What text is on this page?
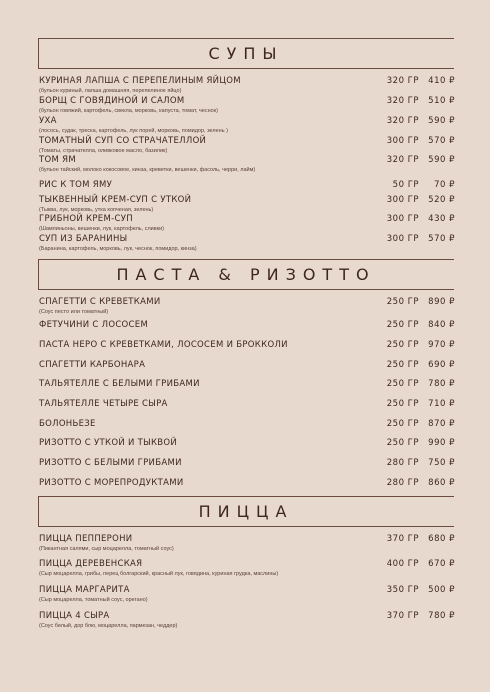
СУПЫ
КУРИНАЯ ЛАПША С ПЕРЕПЕЛИНЫМ ЯЙЦОМ	320 ГР	410 ₽
(бульон куриный, лапша домашняя, перепелиное яйцо)
БОРЩ С ГОВЯДИНОЙ И САЛОМ	320 ГР	510 ₽
(бульон говяжий, картофель, свекла, морковь, капуста, томат, чеснок)
УХА	320 ГР	590 ₽
(лосось, судак, треска, картофель, лук порей, морковь, помидор, зелень )
ТОМАТНЫЙ СУП СО СТРАЧАТЕЛЛОЙ	300 ГР	570 ₽
(Томаты, страчателла, оливковое масло, базилик)
ТОМ ЯМ	320 ГР	590 ₽
(бульон тайский, молоко кокосовое, кинза, креветки, вешенки, фасоль, черри, лайм)
РИС К ТОМ ЯМУ	50 ГР	70 ₽
ТЫКВЕННЫЙ КРЕМ-СУП С УТКОЙ	300 ГР	520 ₽
(Тыква, лук, морковь, утка копченая, зелень)
ГРИБНОЙ КРЕМ-СУП	300 ГР	430 ₽
(Шампиньоны, вешенки, лук, картофель, сливки)
СУП ИЗ БАРАНИНЫ	300 ГР	570 ₽
(Баранина, картофель, морковь, лук, чеснок, помидор, кинза)
ПАСТА & РИЗОТТО
СПАГЕТТИ С КРЕВЕТКАМИ	250 ГР	890 ₽
(Соус песто или томатный)
ФЕТУЧИНИ С ЛОСОСЕМ	250 ГР	840 ₽
ПАСТА НЕРО С КРЕВЕТКАМИ, ЛОСОСЕМ И БРОККОЛИ	250 ГР	970 ₽
СПАГЕТТИ КАРБОНАРА	250 ГР	690 ₽
ТАЛЬЯТЕЛЛЕ С БЕЛЫМИ ГРИБАМИ	250 ГР	780 ₽
ТАЛЬЯТЕЛЛЕ ЧЕТЫРЕ СЫРА	250 ГР	710 ₽
БОЛОНЬЕЗЕ	250 ГР	870 ₽
РИЗОТТО С УТКОЙ И ТЫКВОЙ	250 ГР	990 ₽
РИЗОТТО С БЕЛЫМИ ГРИБАМИ	280 ГР	750 ₽
РИЗОТТО С МОРЕПРОДУКТАМИ	280 ГР	860 ₽
ПИЦЦА
ПИЦЦА ПЕППЕРОНИ	370 ГР	680 ₽
(Пикантная салями, сыр моцарелла, томатный соус)
ПИЦЦА ДЕРЕВЕНСКАЯ	400 ГР	670 ₽
(Сыр моцарелла, грибы, перец болгарский, красный лук, говядина, куриная грудка, маслины)
ПИЦЦА МАРГАРИТА	350 ГР	500 ₽
(Сыр моцарелла, томатный соус, орегано)
ПИЦЦА 4 СЫРА	370 ГР	780 ₽
(Соус белый, дор блю, моцарелла, пармезан, чеддер)
